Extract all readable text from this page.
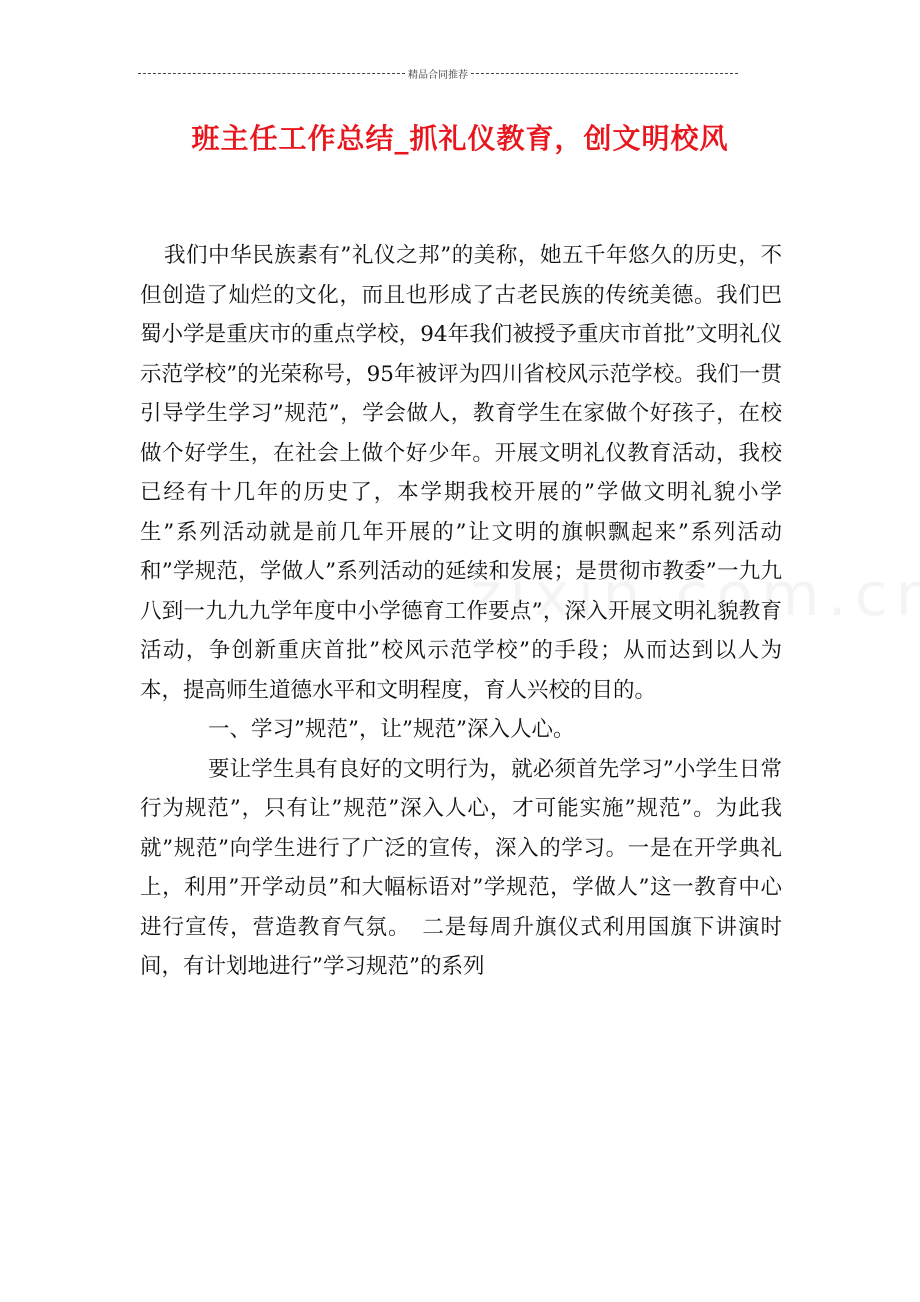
精品合同推荐
班主任工作总结_抓礼仪教育，创文明校风

我们中华民族素有”礼仪之邦”的美称，她五千年悠久的历史，不但创造了灿烂的文化，而且也形成了古老民族的传统美德。我们巴蜀小学是重庆市的重点学校，94年我们被授予重庆市首批”文明礼仪示范学校”的光荣称号，95年被评为四川省校风示范学校。我们一贯引导学生学习”规范”，学会做人，教育学生在家做个好孩子，在校做个好学生，在社会上做个好少年。开展文明礼仪教育活动，我校已经有十几年的历史了，本学期我校开展的”学做文明礼貌小学生”系列活动就是前几年开展的”让文明的旗帜飘起来”系列活动和”学规范，学做人”系列活动的延续和发展；是贯彻市教委”一九九八到一九九九学年度中小学德育工作要点”，深入开展文明礼貌教育活动，争创新重庆首批”校风示范学校”的手段；从而达到以人为本，提高师生道德水平和文明程度，育人兴校的目的。

一、学习”规范”，让”规范”深入人心。

要让学生具有良好的文明行为，就必须首先学习”小学生日常行为规范”，只有让”规范”深入人心，才可能实施”规范”。为此我就”规范”向学生进行了广泛的宣传，深入的学习。一是在开学典礼上，利用”开学动员”和大幅标语对”学规范，学做人”这一教育中心进行宣传，营造教育气氛。　二是每周升旗仪式利用国旗下讲演时间，有计划地进行”学习规范”的系列
